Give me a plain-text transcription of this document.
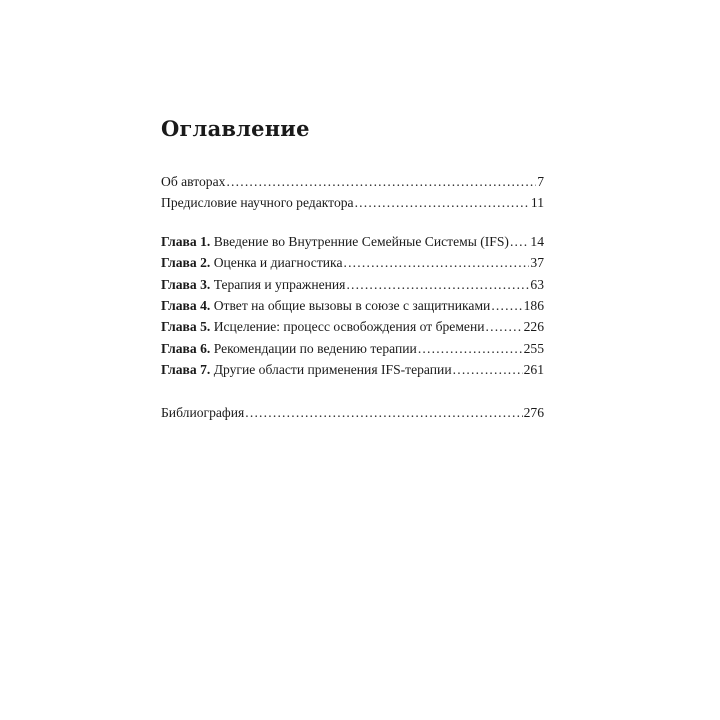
Оглавление
Об авторах .....	7
Предисловие научного редактора .....	11
Глава 1. Введение во Внутренние Семейные Системы (IFS) ..... 14
Глава 2. Оценка и диагностика .....	37
Глава 3. Терапия и упражнения .....	63
Глава 4. Ответ на общие вызовы в союзе с защитниками ..... 186
Глава 5. Исцеление: процесс освобождения от бремени .....	226
Глава 6. Рекомендации по ведению терапии .....	255
Глава 7. Другие области применения IFS-терапии .....	261
Библиография .....	276
